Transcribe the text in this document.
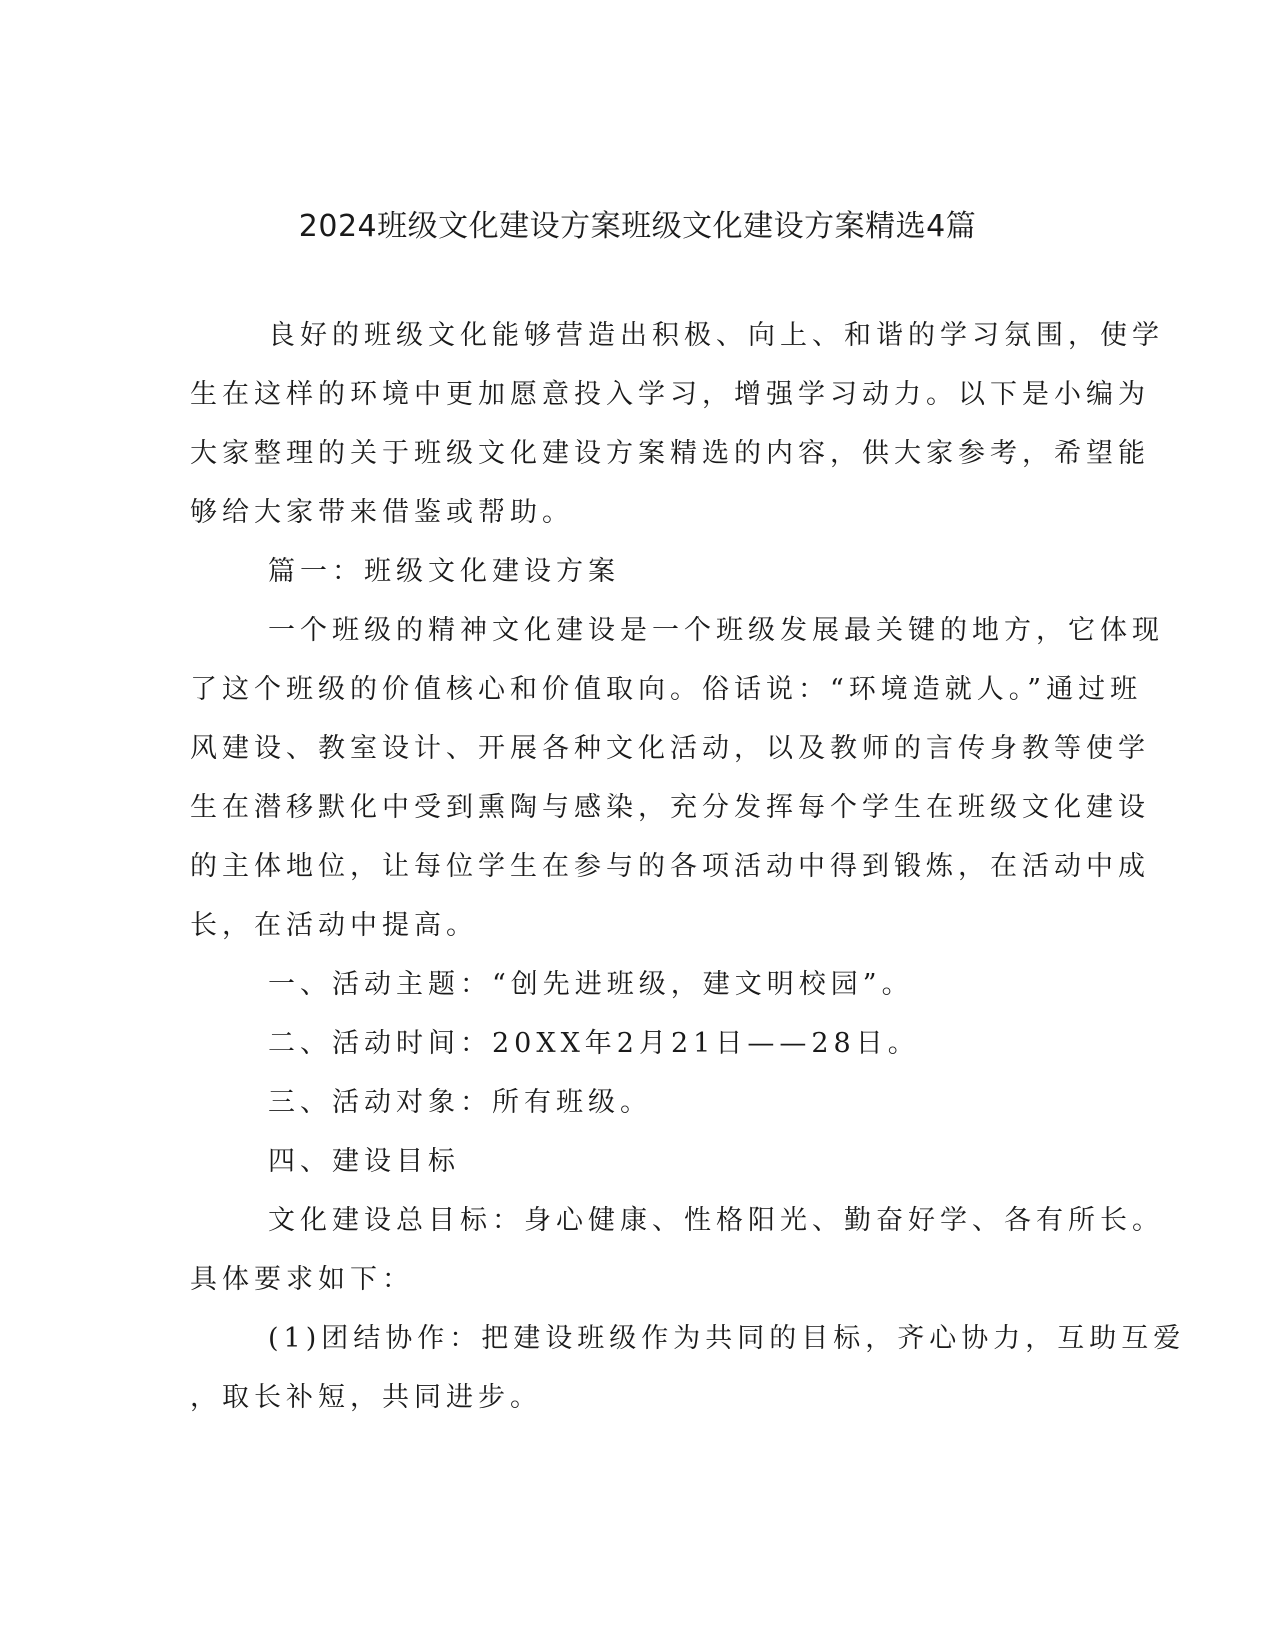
2024班级文化建设方案班级文化建设方案精选4篇
良好的班级文化能够营造出积极、向上、和谐的学习氛围，使学
生在这样的环境中更加愿意投入学习，增强学习动力。以下是小编为
大家整理的关于班级文化建设方案精选的内容，供大家参考，希望能
够给大家带来借鉴或帮助。
篇一：班级文化建设方案
一个班级的精神文化建设是一个班级发展最关键的地方，它体现
了这个班级的价值核心和价值取向。俗话说：“环境造就人。”通过班
风建设、教室设计、开展各种文化活动，以及教师的言传身教等使学
生在潜移默化中受到熏陶与感染，充分发挥每个学生在班级文化建设
的主体地位，让每位学生在参与的各项活动中得到锻炼，在活动中成
长，在活动中提高。
一、活动主题：“创先进班级，建文明校园”。
二、活动时间：20XX年2月21日——28日。
三、活动对象：所有班级。
四、建设目标
文化建设总目标：身心健康、性格阳光、勤奋好学、各有所长。
具体要求如下：
(1)团结协作：把建设班级作为共同的目标，齐心协力，互助互爱
，取长补短，共同进步。
